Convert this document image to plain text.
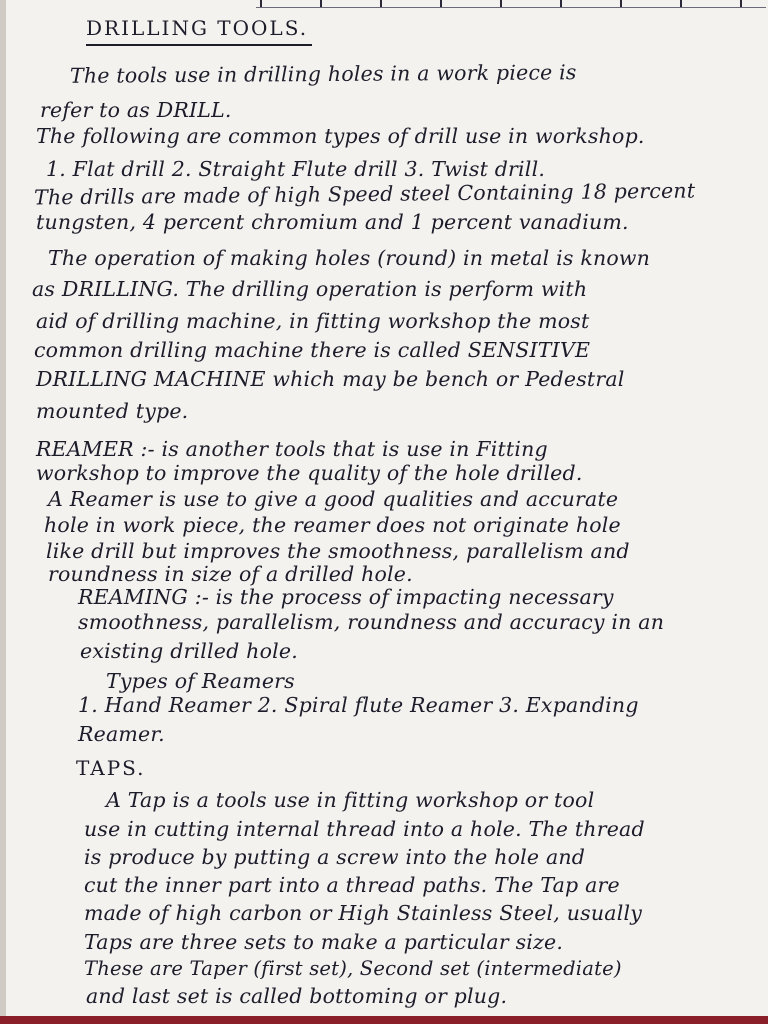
DRILLING TOOLS.
The tools use in drilling holes in a work piece is
refer to as DRILL.
The following are common types of drill use in workshop.
1. Flat drill 2. Straight Flute drill 3. Twist drill.
The drills are made of high Speed steel Containing 18 percent
tungsten, 4 percent chromium and 1 percent vanadium.
The operation of making holes (round) in metal is known
as DRILLING. The drilling operation is perform with
aid of drilling machine, in fitting workshop the most
common drilling machine there is called SENSITIVE
DRILLING MACHINE which may be bench or Pedestral
mounted type.
REAMER :- is another tools that is use in Fitting
workshop to improve the quality of the hole drilled.
A Reamer is use to give a good qualities and accurate
hole in work piece, the reamer does not originate hole
like drill but improves the smoothness, parallelism and
roundness in size of a drilled hole.
REAMING :- is the process of impacting necessary
smoothness, parallelism, roundness and accuracy in an
existing drilled hole.
Types of Reamers
1. Hand Reamer 2. Spiral flute Reamer 3. Expanding
Reamer.
TAPS.
A Tap is a tools use in fitting workshop or tool
use in cutting internal thread into a hole. The thread
is produce by putting a screw into the hole and
cut the inner part into a thread paths. The Tap are
made of high carbon or High Stainless Steel, usually
Taps are three sets to make a particular size.
These are Taper (first set), Second set (intermediate)
and last set is called bottoming or plug.
